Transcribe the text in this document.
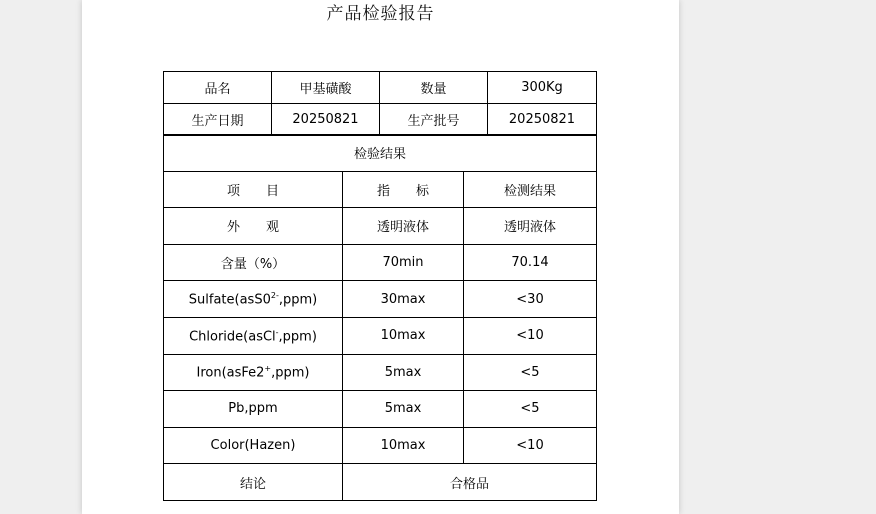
产品检验报告
品名	甲基磺酸	数量	300Kg
生产日期	20250821	生产批号	20250821
检验结果		
项　　目	指　　标	检测结果
外　　观	透明液体	透明液体
含量（%）	70min	70.14
$Sulfate(asS0^{2-},ppm)$	30max	<30
Chloride(asCl-,ppm)	10max	<10
Iron(asFe2+,ppm)	5max	<5
Pb,ppm	5max	<5
Color(Hazen)	10max	<10
结论	合格品	
